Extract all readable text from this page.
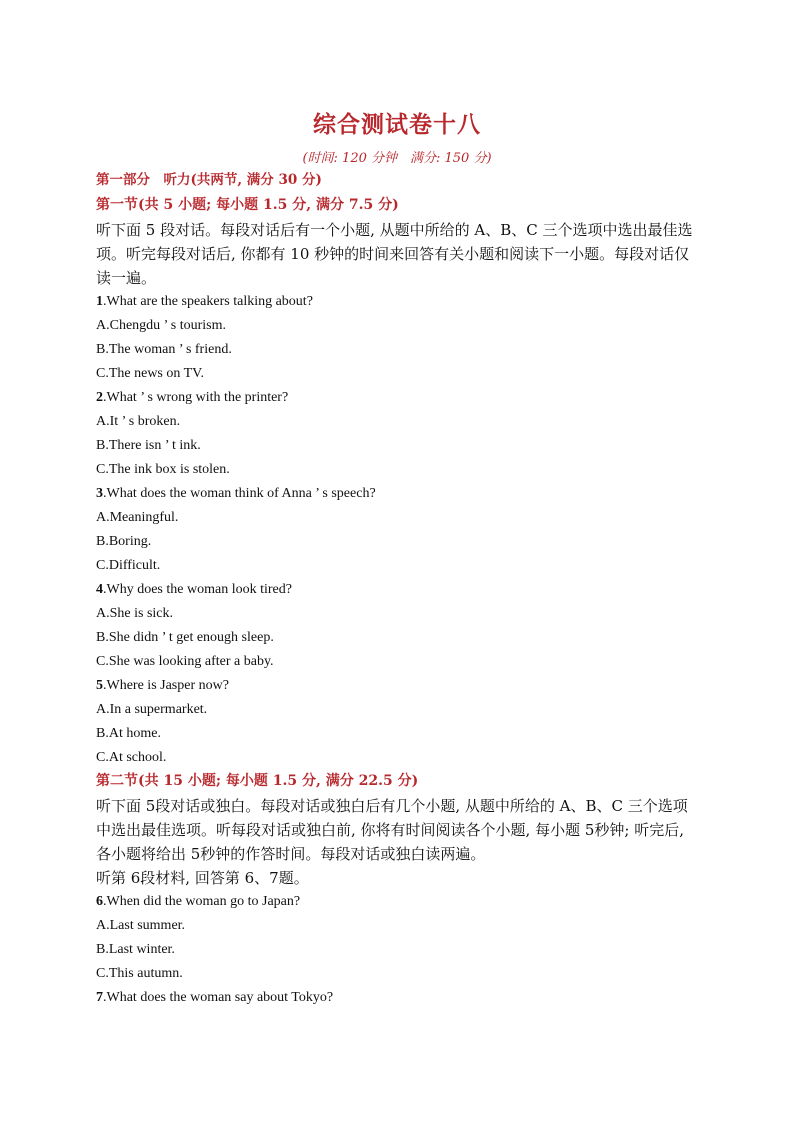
综合测试卷十八
(时间: 120 分钟　满分: 150 分)
第一部分　听力(共两节, 满分 30 分)
第一节(共 5 小题; 每小题 1.5 分, 满分 7.5 分)

听下面 5 段对话。每段对话后有一个小题, 从题中所给的 A、B、C 三个选项中选出最佳选项。听完每段对话后, 你都有 10 秒钟的时间来回答有关小题和阅读下一小题。每段对话仅读一遍。

1.What are the speakers talking about?
A.Chengdu ’ s tourism.
B.The woman ’ s friend.
C.The news on TV.
2.What ’ s wrong with the printer?
A.It ’ s broken.
B.There isn ’ t ink.
C.The ink box is stolen.
3.What does the woman think of Anna ’ s speech?
A.Meaningful.
B.Boring.
C.Difficult.
4.Why does the woman look tired?
A.She is sick.
B.She didn ’ t get enough sleep.
C.She was looking after a baby.
5.Where is Jasper now?
A.In a supermarket.
B.At home.
C.At school.
第二节(共 15 小题; 每小题 1.5 分, 满分 22.5 分)

听下面 5段对话或独白。每段对话或独白后有几个小题, 从题中所给的 A、B、C 三个选项中选出最佳选项。听每段对话或独白前, 你将有时间阅读各个小题, 每小题 5秒钟; 听完后, 各小题将给出 5秒钟的作答时间。每段对话或独白读两遍。

听第 6段材料, 回答第 6、7题。

6.When did the woman go to Japan?
A.Last summer.
B.Last winter.
C.This autumn.
7.What does the woman say about Tokyo?
